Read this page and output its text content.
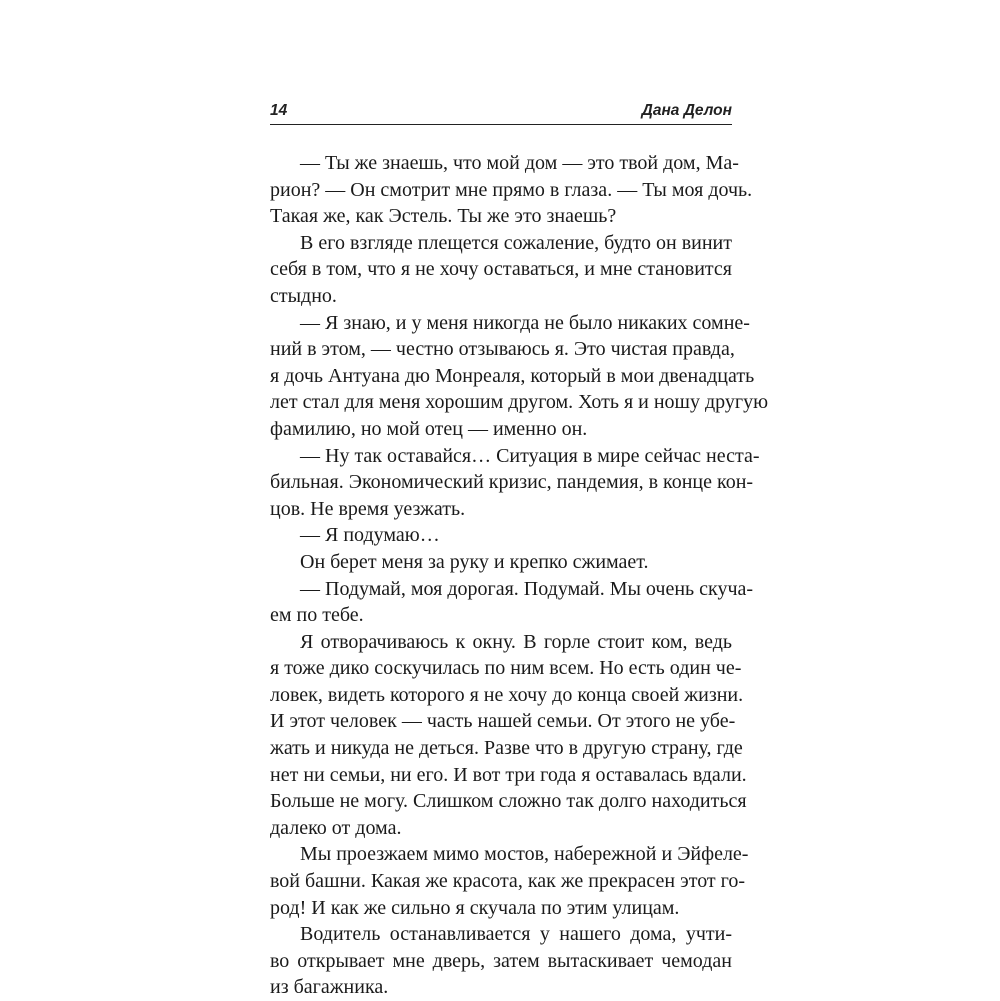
14	Дана Делон
— Ты же знаешь, что мой дом — это твой дом, Ма-
рион? — Он смотрит мне прямо в глаза. — Ты моя дочь.
Такая же, как Эстель. Ты же это знаешь?
В его взгляде плещется сожаление, будто он винит
себя в том, что я не хочу оставаться, и мне становится
стыдно.
— Я знаю, и у меня никогда не было никаких сомне-
ний в этом, — честно отзываюсь я. Это чистая правда,
я дочь Антуана дю Монреаля, который в мои двенадцать
лет стал для меня хорошим другом. Хоть я и ношу другую
фамилию, но мой отец — именно он.
— Ну так оставайся… Ситуация в мире сейчас неста-
бильная. Экономический кризис, пандемия, в конце кон-
цов. Не время уезжать.
— Я подумаю…
Он берет меня за руку и крепко сжимает.
— Подумай, моя дорогая. Подумай. Мы очень скуча-
ем по тебе.
Я отворачиваюсь к окну. В горле стоит ком, ведь
я тоже дико соскучилась по ним всем. Но есть один че-
ловек, видеть которого я не хочу до конца своей жизни.
И этот человек — часть нашей семьи. От этого не убе-
жать и никуда не деться. Разве что в другую страну, где
нет ни семьи, ни его. И вот три года я оставалась вдали.
Больше не могу. Слишком сложно так долго находиться
далеко от дома.
Мы проезжаем мимо мостов, набережной и Эйфеле-
вой башни. Какая же красота, как же прекрасен этот го-
род! И как же сильно я скучала по этим улицам.
Водитель останавливается у нашего дома, учти-
во открывает мне дверь, затем вытаскивает чемодан
из багажника.
